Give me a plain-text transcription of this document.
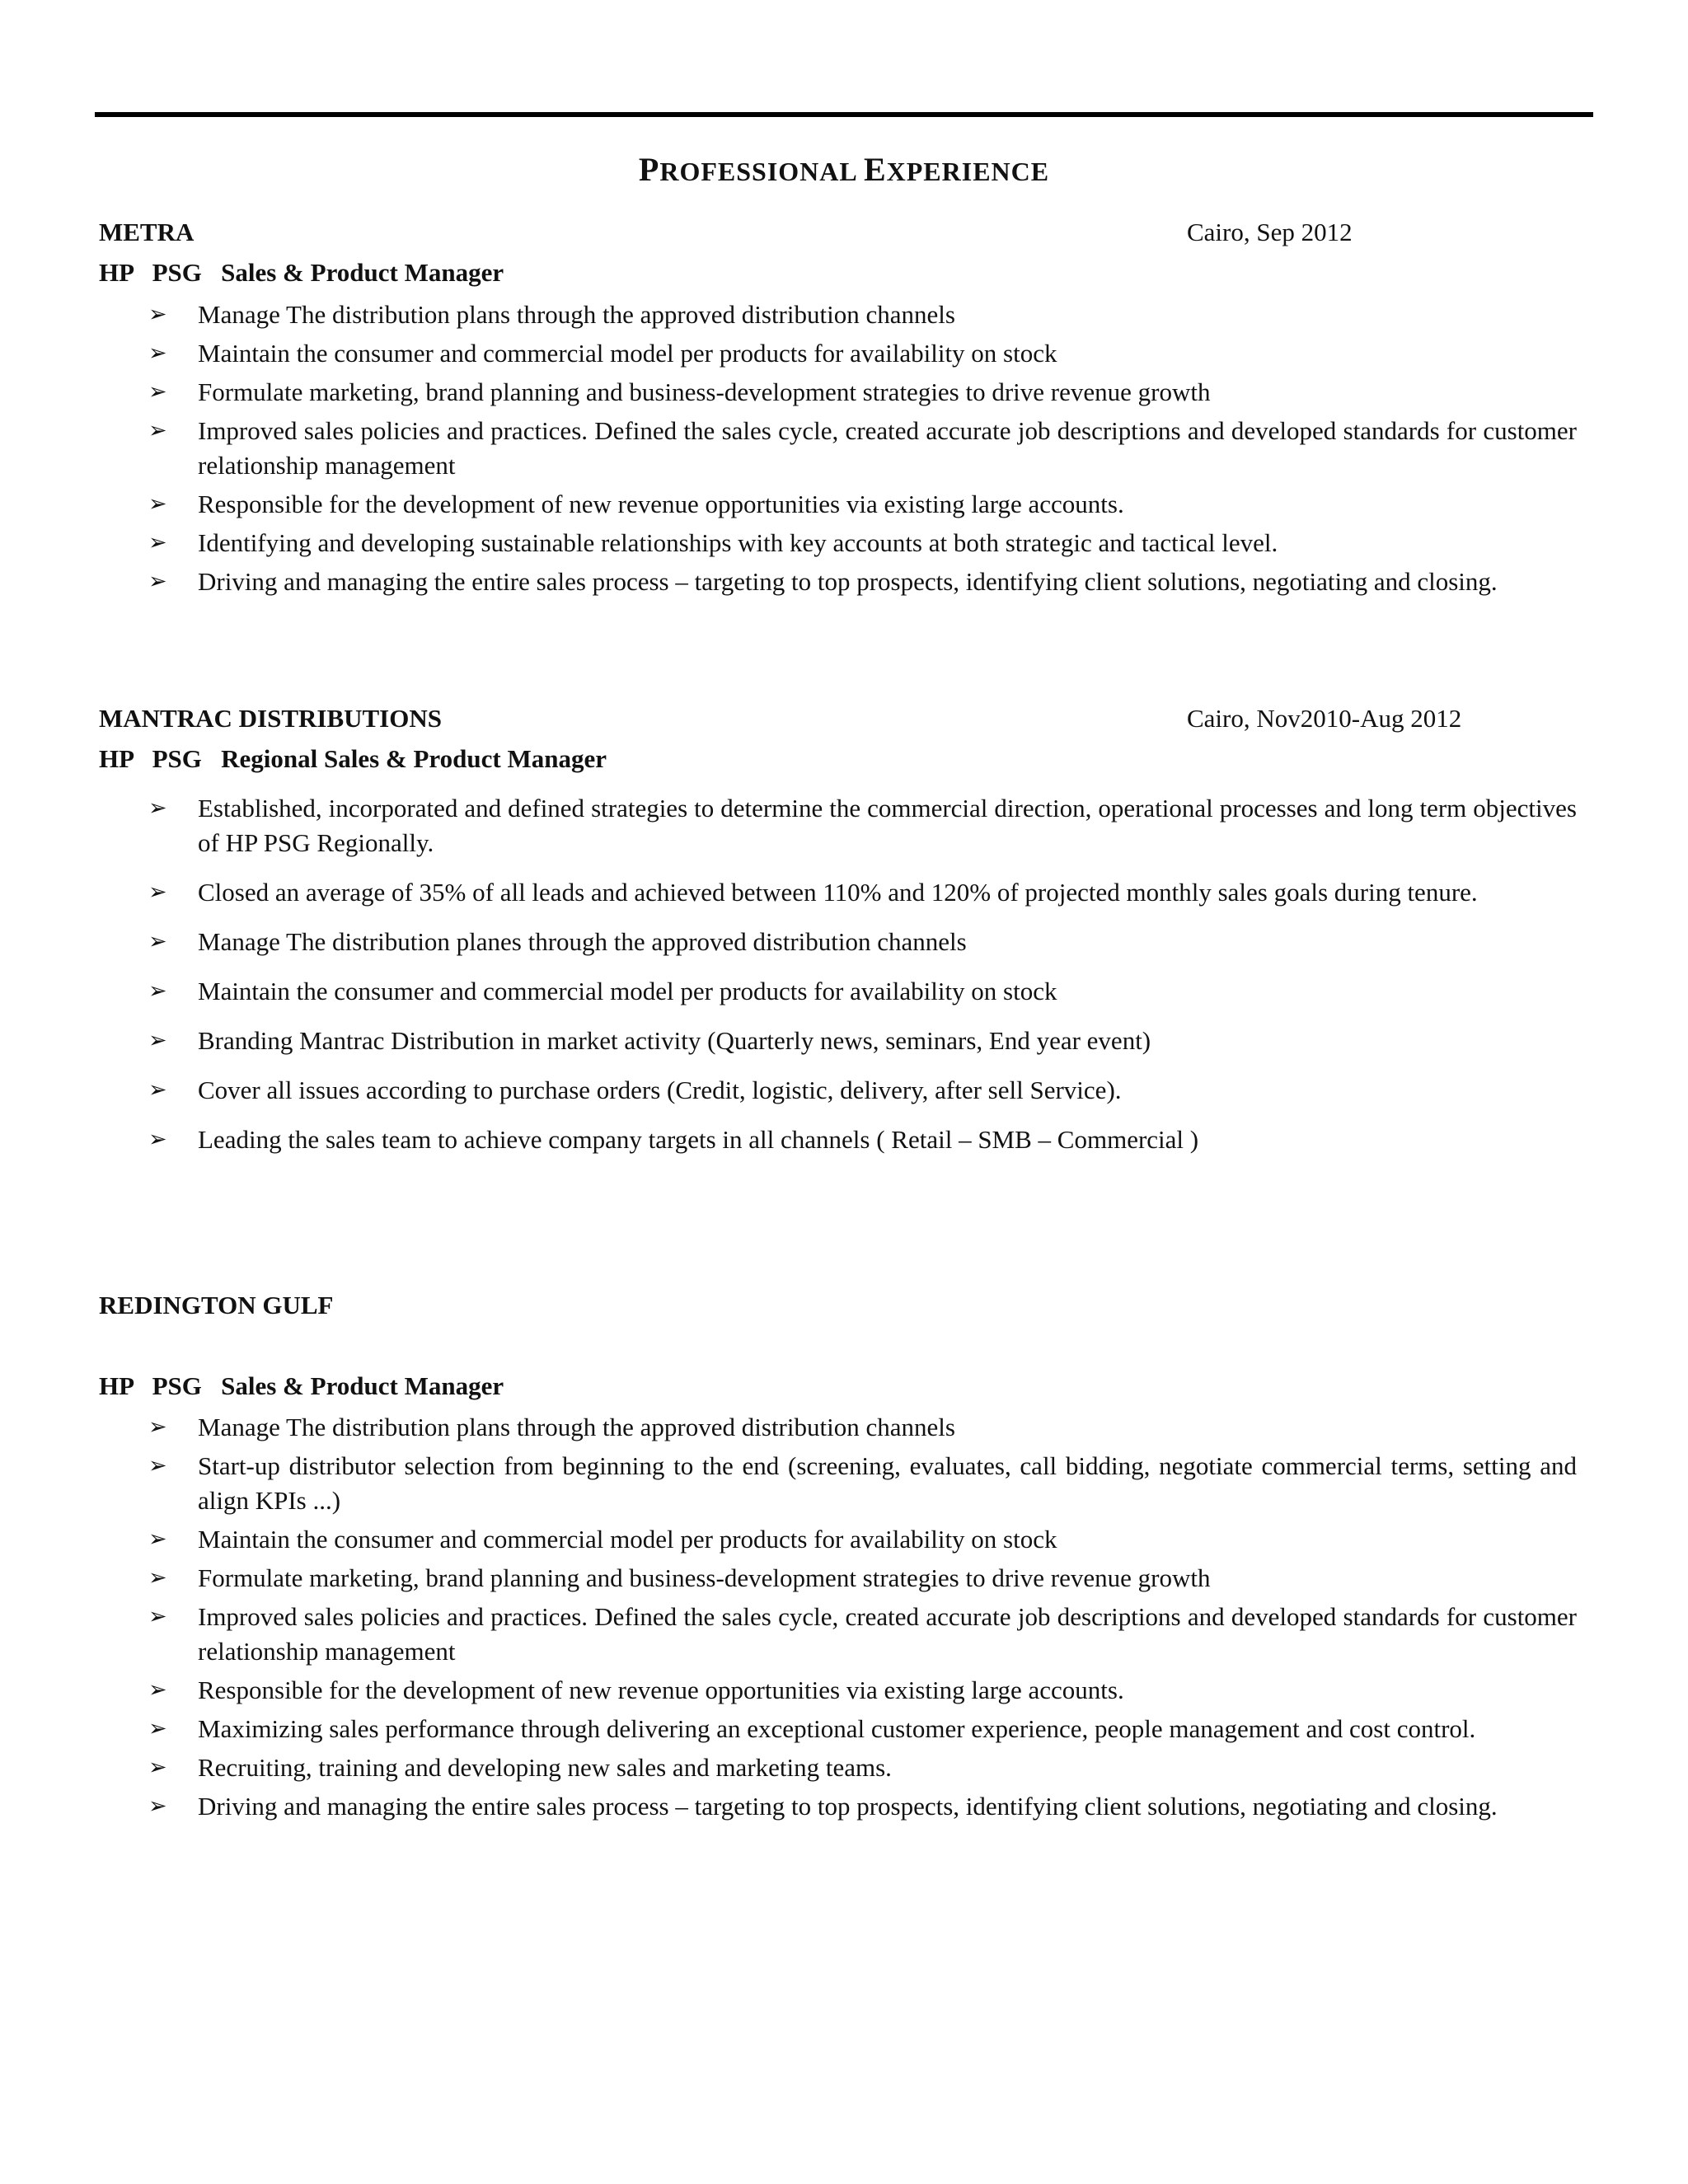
PROFESSIONAL EXPERIENCE
METRA	Cairo, Sep 2012
HP   PSG   Sales & Product Manager
➢ Manage The distribution plans through the approved distribution channels
➢ Maintain the consumer and commercial model per products for availability on stock
➢ Formulate marketing, brand planning and business-development strategies to drive revenue growth
➢ Improved sales policies and practices. Defined the sales cycle, created accurate job descriptions and developed standards for customer relationship management
➢ Responsible for the development of new revenue opportunities via existing large accounts.
➢ Identifying and developing sustainable relationships with key accounts at both strategic and tactical level.
➢ Driving and managing the entire sales process – targeting to top prospects, identifying client solutions, negotiating and closing.
MANTRAC DISTRIBUTIONS	Cairo, Nov2010-Aug 2012
HP   PSG   Regional Sales & Product Manager
➢ Established, incorporated and defined strategies to determine the commercial direction, operational processes and long term objectives of HP PSG Regionally.
➢ Closed an average of 35% of all leads and achieved between 110% and 120% of projected monthly sales goals during tenure.
➢ Manage The distribution planes through the approved distribution channels
➢ Maintain the consumer and commercial model per products for availability on stock
➢ Branding Mantrac Distribution in market activity (Quarterly news, seminars, End year event)
➢ Cover all issues according to purchase orders (Credit, logistic, delivery, after sell Service).
➢ Leading the sales team to achieve company targets in all channels ( Retail – SMB – Commercial )
REDINGTON GULF
HP   PSG   Sales & Product Manager
➢ Manage The distribution plans through the approved distribution channels
➢ Start-up distributor selection from beginning to the end (screening, evaluates, call bidding, negotiate commercial terms, setting and align KPIs ...)
➢ Maintain the consumer and commercial model per products for availability on stock
➢ Formulate marketing, brand planning and business-development strategies to drive revenue growth
➢ Improved sales policies and practices. Defined the sales cycle, created accurate job descriptions and developed standards for customer relationship management
➢ Responsible for the development of new revenue opportunities via existing large accounts.
➢ Maximizing sales performance through delivering an exceptional customer experience, people management and cost control.
➢ Recruiting, training and developing new sales and marketing teams.
➢ Driving and managing the entire sales process – targeting to top prospects, identifying client solutions, negotiating and closing.
